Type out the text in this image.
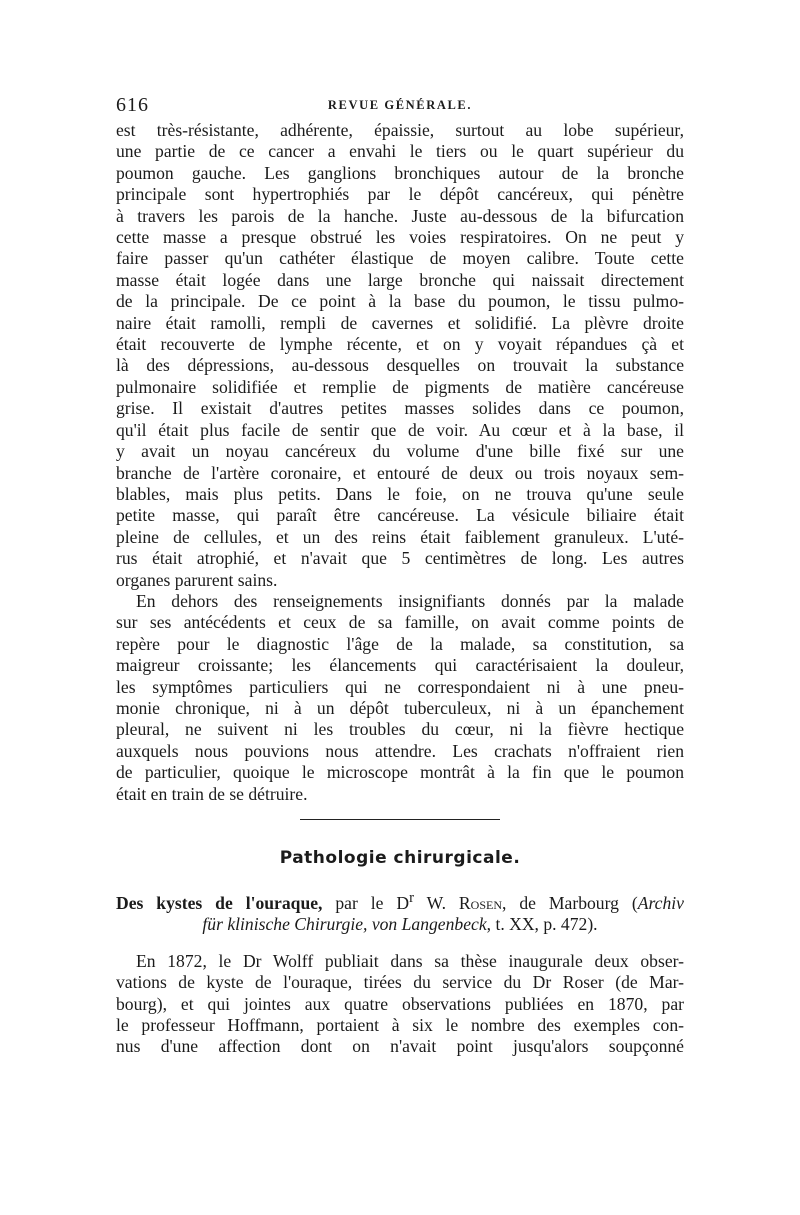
616	REVUE GÉNÉRALE.

est très-résistante, adhérente, épaissie, surtout au lobe supérieur,
une partie de ce cancer a envahi le tiers ou le quart supérieur du
poumon gauche. Les ganglions bronchiques autour de la bronche
principale sont hypertrophiés par le dépôt cancéreux, qui pénètre
à travers les parois de la hanche. Juste au-dessous de la bifurcation
cette masse a presque obstrué les voies respiratoires. On ne peut y
faire passer qu'un cathéter élastique de moyen calibre. Toute cette
masse était logée dans une large bronche qui naissait directement
de la principale. De ce point à la base du poumon, le tissu pulmo-
naire était ramolli, rempli de cavernes et solidifié. La plèvre droite
était recouverte de lymphe récente, et on y voyait répandues çà et
là des dépressions, au-dessous desquelles on trouvait la substance
pulmonaire solidifiée et remplie de pigments de matière cancéreuse
grise. Il existait d'autres petites masses solides dans ce poumon,
qu'il était plus facile de sentir que de voir. Au cœur et à la base, il
y avait un noyau cancéreux du volume d'une bille fixé sur une
branche de l'artère coronaire, et entouré de deux ou trois noyaux sem-
blables, mais plus petits. Dans le foie, on ne trouva qu'une seule
petite masse, qui paraît être cancéreuse. La vésicule biliaire était
pleine de cellules, et un des reins était faiblement granuleux. L'uté-
rus était atrophié, et n'avait que 5 centimètres de long. Les autres
organes parurent sains.

En dehors des renseignements insignifiants donnés par la malade
sur ses antécédents et ceux de sa famille, on avait comme points de
repère pour le diagnostic l'âge de la malade, sa constitution, sa
maigreur croissante; les élancements qui caractérisaient la douleur,
les symptômes particuliers qui ne correspondaient ni à une pneu-
monie chronique, ni à un dépôt tuberculeux, ni à un épanchement
pleural, ne suivent ni les troubles du cœur, ni la fièvre hectique
auxquels nous pouvions nous attendre. Les crachats n'offraient rien
de particulier, quoique le microscope montrât à la fin que le poumon
était en train de se détruire.

Pathologie chirurgicale.
Des kystes de l'ouraque, par le $D^r$ W. Rosen, de Marbourg (Archiv
für klinische Chirurgie, von Langenbeck, t. XX, p. 472).

En 1872, le Dr Wolff publiait dans sa thèse inaugurale deux obser-
vations de kyste de l'ouraque, tirées du service du Dr Roser (de Mar-
bourg), et qui jointes aux quatre observations publiées en 1870, par
le professeur Hoffmann, portaient à six le nombre des exemples con-
nus d'une affection dont on n'avait point jusqu'alors soupçonné
